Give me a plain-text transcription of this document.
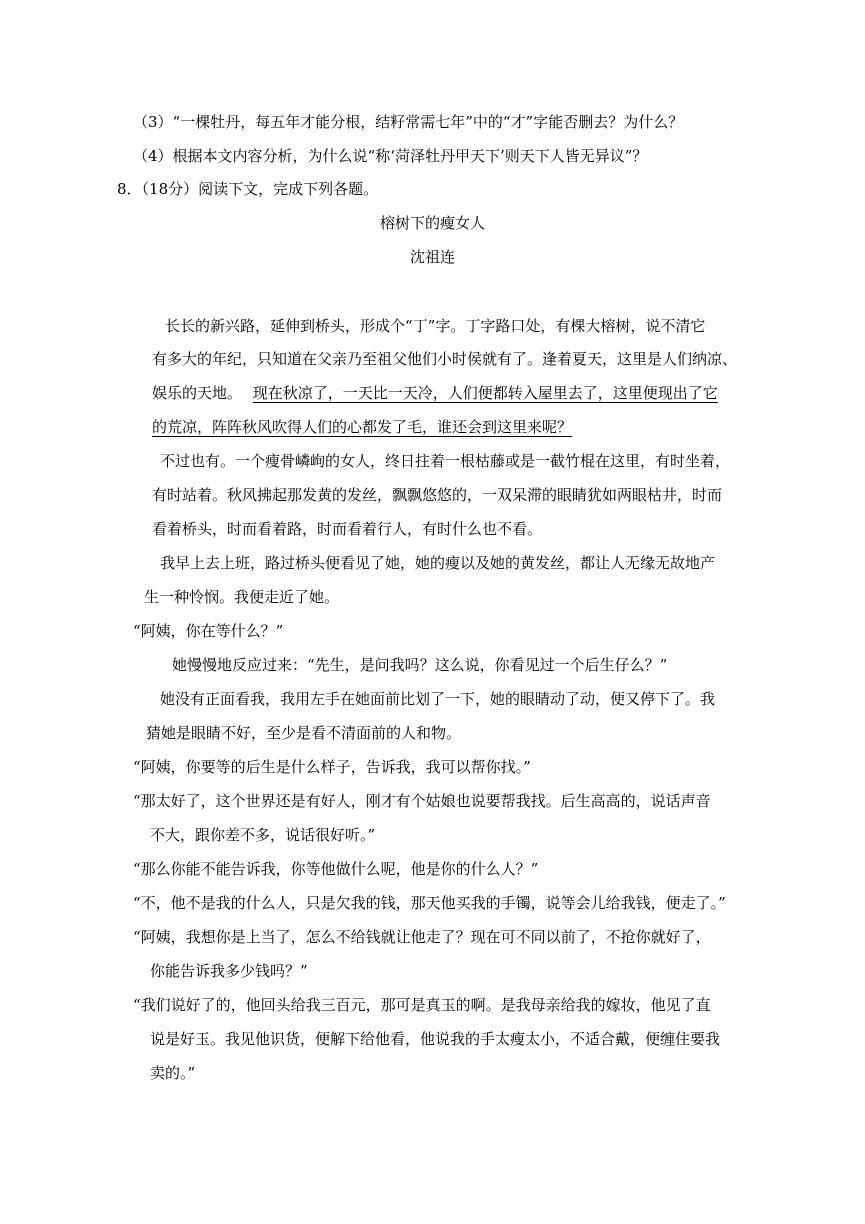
（3）“一棵牡丹，每五年才能分根，结籽常需七年”中的“才”字能否删去？为什么？
（4）根据本文内容分析，为什么说“称‘菏泽牡丹甲天下’则天下人皆无异议”？
8．（18分）阅读下文，完成下列各题。
榕树下的瘦女人
沈祖连
长长的新兴路，延伸到桥头，形成个“丁”字。丁字路口处，有棵大榕树，说不清它
有多大的年纪，只知道在父亲乃至祖父他们小时侯就有了。逢着夏天，这里是人们纳凉、
娱乐的天地。 现在秋凉了，一天比一天冷，人们便都转入屋里去了，这里便现出了它
的荒凉，阵阵秋风吹得人们的心都发了毛，谁还会到这里来呢？
不过也有。一个瘦骨嶙峋的女人，终日拄着一根枯藤或是一截竹棍在这里，有时坐着，
有时站着。秋风拂起那发黄的发丝，飘飘悠悠的，一双呆滞的眼睛犹如两眼枯井，时而
看着桥头，时而看着路，时而看着行人，有时什么也不看。
我早上去上班，路过桥头便看见了她，她的瘦以及她的黄发丝，都让人无缘无故地产
生一种怜悯。我便走近了她。
“阿姨，你在等什么？”
她慢慢地反应过来：“先生，是问我吗？这么说，你看见过一个后生仔么？”
她没有正面看我，我用左手在她面前比划了一下，她的眼睛动了动，便又停下了。我
猜她是眼睛不好，至少是看不清面前的人和物。
“阿姨，你要等的后生是什么样子，告诉我，我可以帮你找。”
“那太好了，这个世界还是有好人，刚才有个姑娘也说要帮我找。后生高高的，说话声音
不大，跟你差不多，说话很好听。”
“那么你能不能告诉我，你等他做什么呢，他是你的什么人？”
“不，他不是我的什么人，只是欠我的钱，那天他买我的手镯，说等会儿给我钱，便走了。”
“阿姨，我想你是上当了，怎么不给钱就让他走了？现在可不同以前了，不抢你就好了，
你能告诉我多少钱吗？”
“我们说好了的，他回头给我三百元，那可是真玉的啊。是我母亲给我的嫁妆，他见了直
说是好玉。我见他识货，便解下给他看，他说我的手太瘦太小，不适合戴，便缠住要我
卖的。”
